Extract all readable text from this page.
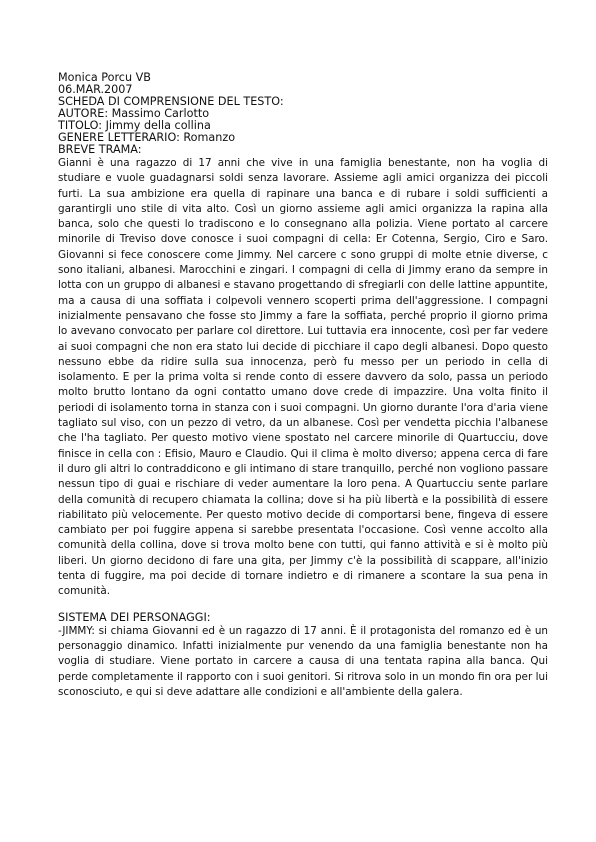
Monica Porcu VB
06.MAR.2007
SCHEDA DI COMPRENSIONE DEL TESTO:
AUTORE: Massimo Carlotto
TITOLO: Jimmy della collina
GENERE LETTERARIO: Romanzo
BREVE TRAMA:

Gianni è una ragazzo di 17 anni che vive in una famiglia benestante, non ha voglia di studiare e vuole guadagnarsi soldi senza lavorare. Assieme agli amici organizza dei piccoli furti. La sua ambizione era quella di rapinare una banca e di rubare i soldi sufficienti a garantirgli uno stile di vita alto. Così un giorno assieme agli amici organizza la rapina alla banca, solo che questi lo tradiscono e lo consegnano alla polizia. Viene portato al carcere minorile di Treviso dove conosce i suoi compagni di cella: Er Cotenna, Sergio, Ciro e Saro. Giovanni si fece conoscere come Jimmy. Nel carcere c sono gruppi di molte etnie diverse, c sono italiani, albanesi. Marocchini e zingari. I compagni di cella di Jimmy erano da sempre in lotta con un gruppo di albanesi e stavano progettando di sfregiarli con delle lattine appuntite, ma a causa di una soffiata i colpevoli vennero scoperti prima dell'aggressione. I compagni inizialmente pensavano che fosse sto Jimmy a fare la soffiata, perché proprio il giorno prima lo avevano convocato per parlare col direttore. Lui tuttavia era innocente, così per far vedere ai suoi compagni che non era stato lui decide di picchiare il capo degli albanesi. Dopo questo nessuno ebbe da ridire sulla sua innocenza, però fu messo per un periodo in cella di isolamento. E per la prima volta si rende conto di essere davvero da solo, passa un periodo molto brutto lontano da ogni contatto umano dove crede di impazzire. Una volta finito il periodi di isolamento torna in stanza con i suoi compagni. Un giorno durante l'ora d'aria viene tagliato sul viso, con un pezzo di vetro, da un albanese. Così per vendetta picchia l'albanese che l'ha tagliato. Per questo motivo viene spostato nel carcere minorile di Quartucciu, dove finisce in cella con : Efisio, Mauro e Claudio. Qui il clima è molto diverso; appena cerca di fare il duro gli altri lo contraddicono e gli intimano di stare tranquillo, perché non vogliono passare nessun tipo di guai e rischiare di veder aumentare la loro pena. A Quartucciu sente parlare della comunità di recupero chiamata la collina; dove si ha più libertà e la possibilità di essere riabilitato più velocemente. Per questo motivo decide di comportarsi bene, fingeva di essere cambiato per poi fuggire appena si sarebbe presentata l'occasione. Così venne accolto alla comunità della collina, dove si trova molto bene con tutti, qui fanno attività e si è molto più liberi. Un giorno decidono di fare una gita, per Jimmy c'è la possibilità di scappare, all'inizio tenta di fuggire, ma poi decide di tornare indietro e di rimanere a scontare la sua pena in comunità.

SISTEMA DEI PERSONAGGI:

-JIMMY: si chiama Giovanni ed è un ragazzo di 17 anni. È il protagonista del romanzo ed è un personaggio dinamico. Infatti inizialmente pur venendo da una famiglia benestante non ha voglia di studiare. Viene portato in carcere a causa di una tentata rapina alla banca. Qui perde completamente il rapporto con i suoi genitori. Si ritrova solo in un mondo fin ora per lui sconosciuto, e qui si deve adattare alle condizioni e all'ambiente della galera.
